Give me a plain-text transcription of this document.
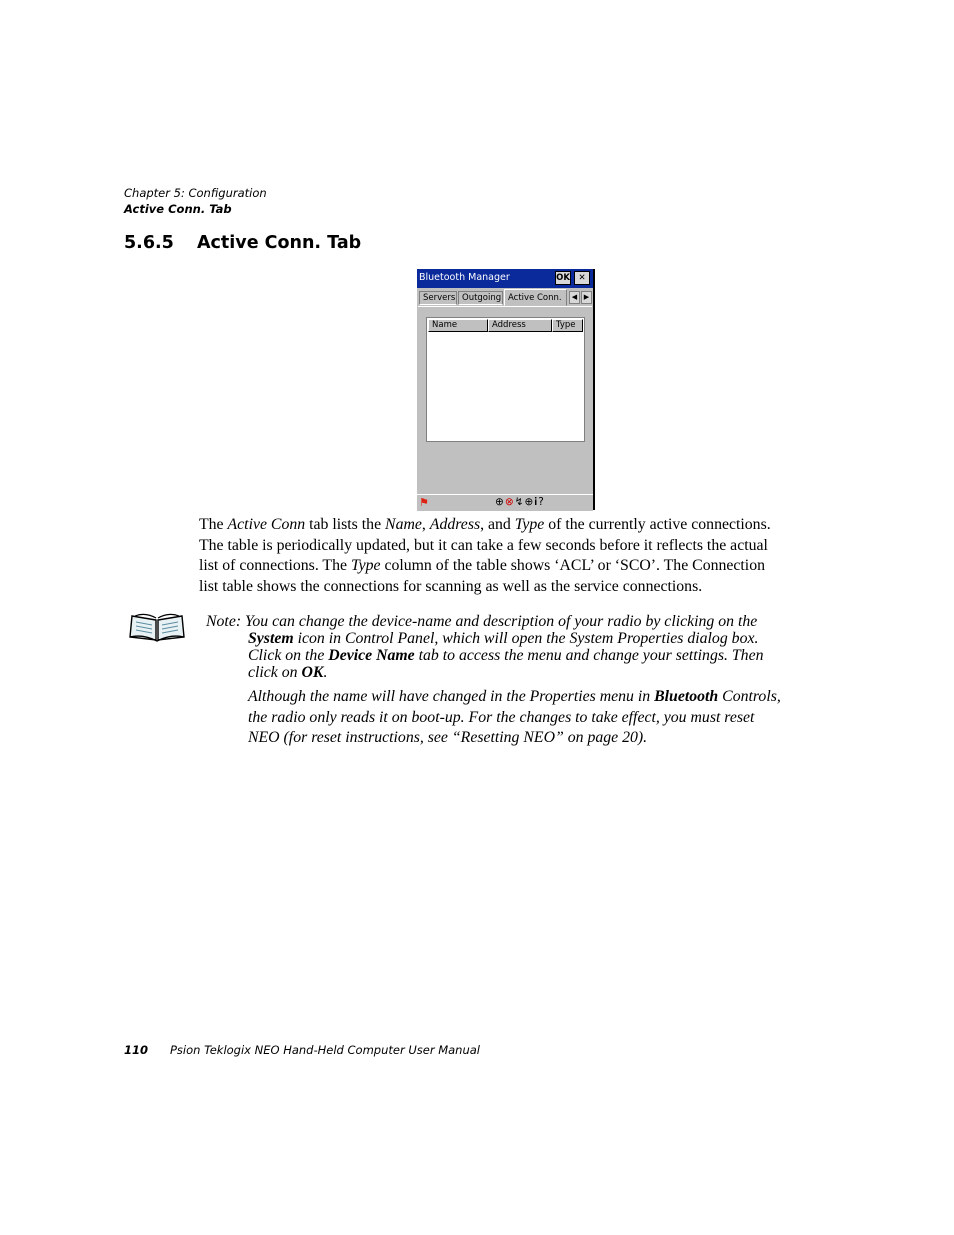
Chapter 5: Configuration
Active Conn. Tab
5.6.5 Active Conn. Tab
Bluetooth Manager	OK	✕
Servers Outgoing Active Conn.	◀ ▶
Name	Address	Type
⚑	⊕⊗↯⊕𝐢?
The Active Conn tab lists the Name, Address, and Type of the currently active connections.
The table is periodically updated, but it can take a few seconds before it reflects the actual
list of connections. The Type column of the table shows ‘ACL’ or ‘SCO’. The Connection
list table shows the connections for scanning as well as the service connections.
Note: You can change the device-name and description of your radio by clicking on the
System icon in Control Panel, which will open the System Properties dialog box.
Click on the Device Name tab to access the menu and change your settings. Then
click on OK.
Although the name will have changed in the Properties menu in Bluetooth Controls,
the radio only reads it on boot-up. For the changes to take effect, you must reset
NEO (for reset instructions, see “Resetting NEO” on page 20).
110 Psion Teklogix NEO Hand-Held Computer User Manual
